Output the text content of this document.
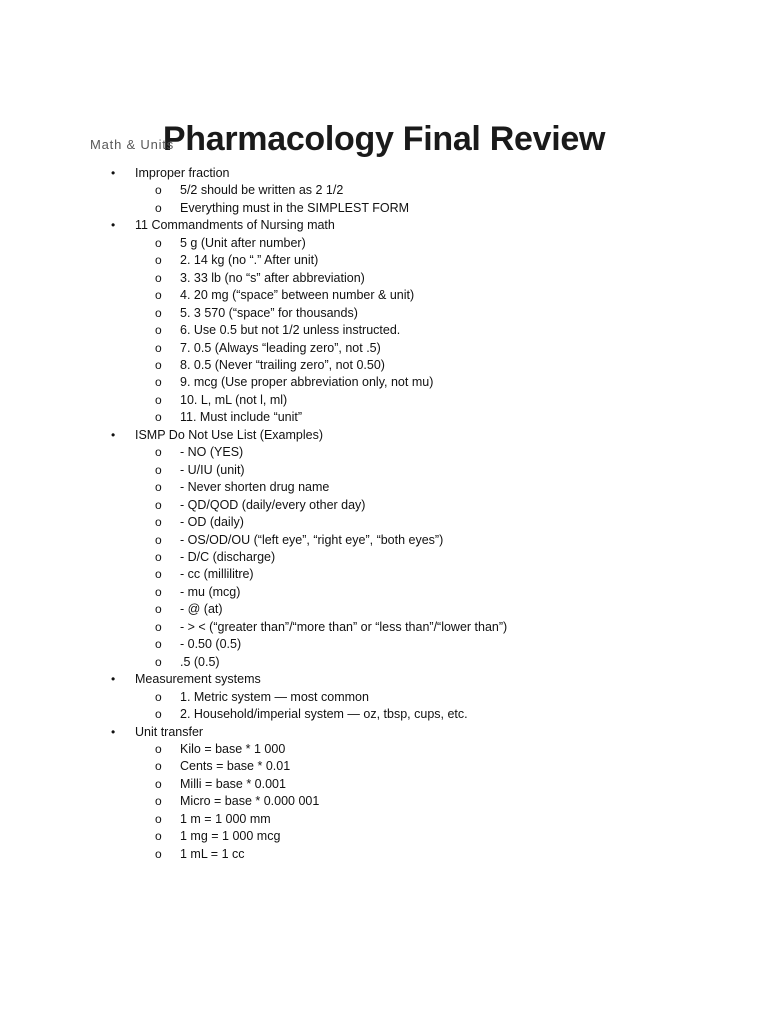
Pharmacology Final Review
Math & Units
• Improper fraction
o 5/2 should be written as 2 1/2
o Everything must in the SIMPLEST FORM
• 11 Commandments of Nursing math
o 5 g (Unit after number)
o 2. 14 kg (no “.” After unit)
o 3. 33 lb (no “s” after abbreviation)
o 4. 20 mg (“space” between number & unit)
o 5. 3 570 (“space” for thousands)
o 6. Use 0.5 but not 1/2 unless instructed.
o 7. 0.5 (Always “leading zero”, not .5)
o 8. 0.5 (Never “trailing zero”, not 0.50)
o 9. mcg (Use proper abbreviation only, not mu)
o 10. L, mL (not l, ml)
o 11. Must include “unit”
• ISMP Do Not Use List (Examples)
o - NO (YES)
o - U/IU (unit)
o - Never shorten drug name
o - QD/QOD (daily/every other day)
o - OD (daily)
o - OS/OD/OU (“left eye”, “right eye”, “both eyes”)
o - D/C (discharge)
o - cc (millilitre)
o - mu (mcg)
o - @ (at)
o - > < (“greater than”/“more than” or “less than”/“lower than”)
o - 0.50 (0.5)
o .5 (0.5)
• Measurement systems
o 1. Metric system — most common
o 2. Household/imperial system — oz, tbsp, cups, etc.
• Unit transfer
o Kilo = base * 1 000
o Cents = base * 0.01
o Milli = base * 0.001
o Micro = base * 0.000 001
o 1 m = 1 000 mm
o 1 mg = 1 000 mcg
o 1 mL = 1 cc
